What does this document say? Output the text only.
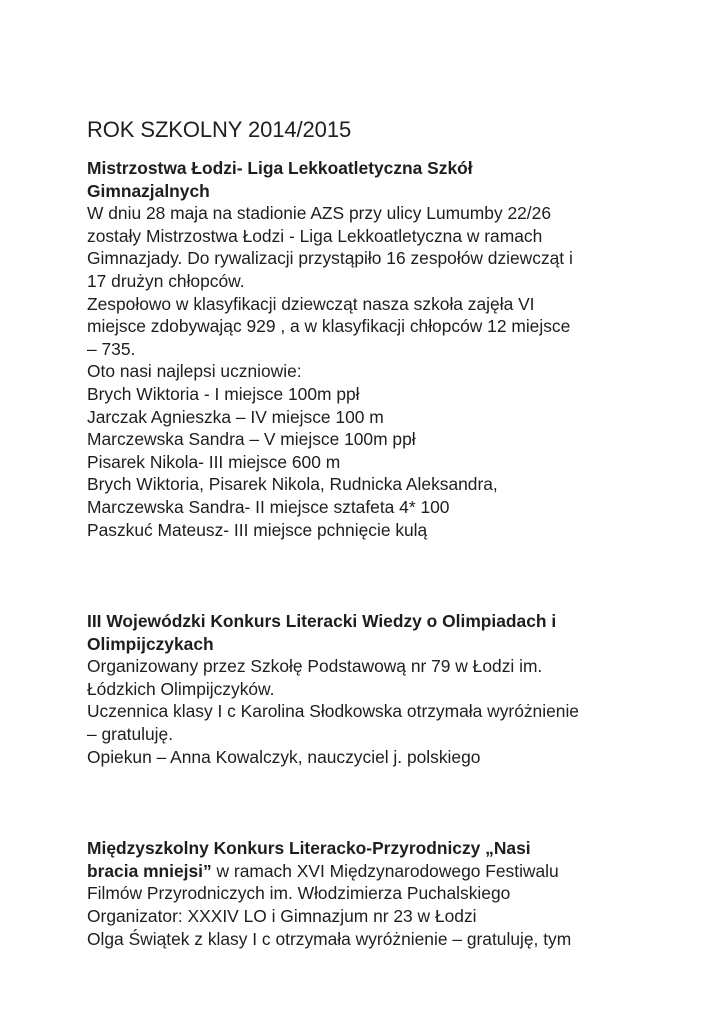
ROK SZKOLNY 2014/2015
Mistrzostwa Łodzi- Liga Lekkoatletyczna Szkół
Gimnazjalnych
W dniu 28 maja na stadionie AZS przy ulicy Lumumby 22/26
zostały Mistrzostwa Łodzi - Liga Lekkoatletyczna w ramach
Gimnazjady. Do rywalizacji przystąpiło 16 zespołów dziewcząt i
17 drużyn chłopców.
Zespołowo w klasyfikacji dziewcząt nasza szkoła zajęła VI
miejsce zdobywając 929 , a w klasyfikacji chłopców 12 miejsce
– 735.
Oto nasi najlepsi uczniowie:
Brych Wiktoria - I miejsce 100m ppł
Jarczak Agnieszka – IV miejsce 100 m
Marczewska Sandra – V miejsce 100m ppł
Pisarek Nikola- III miejsce 600 m
Brych Wiktoria, Pisarek Nikola, Rudnicka Aleksandra,
Marczewska Sandra- II miejsce sztafeta 4* 100
Paszkuć Mateusz- III miejsce pchnięcie kulą
III Wojewódzki Konkurs Literacki Wiedzy o Olimpiadach i
Olimpijczykach
Organizowany przez Szkołę Podstawową nr 79 w Łodzi im.
Łódzkich Olimpijczyków.
Uczennica klasy I c Karolina Słodkowska otrzymała wyróżnienie
– gratuluję.
Opiekun – Anna Kowalczyk, nauczyciel j. polskiego
Międzyszkolny Konkurs Literacko-Przyrodniczy „Nasi
bracia mniejsi” w ramach XVI Międzynarodowego Festiwalu
Filmów Przyrodniczych im. Włodzimierza Puchalskiego
Organizator: XXXIV LO i Gimnazjum nr 23 w Łodzi
Olga Świątek z klasy I c otrzymała wyróżnienie – gratuluję, tym
